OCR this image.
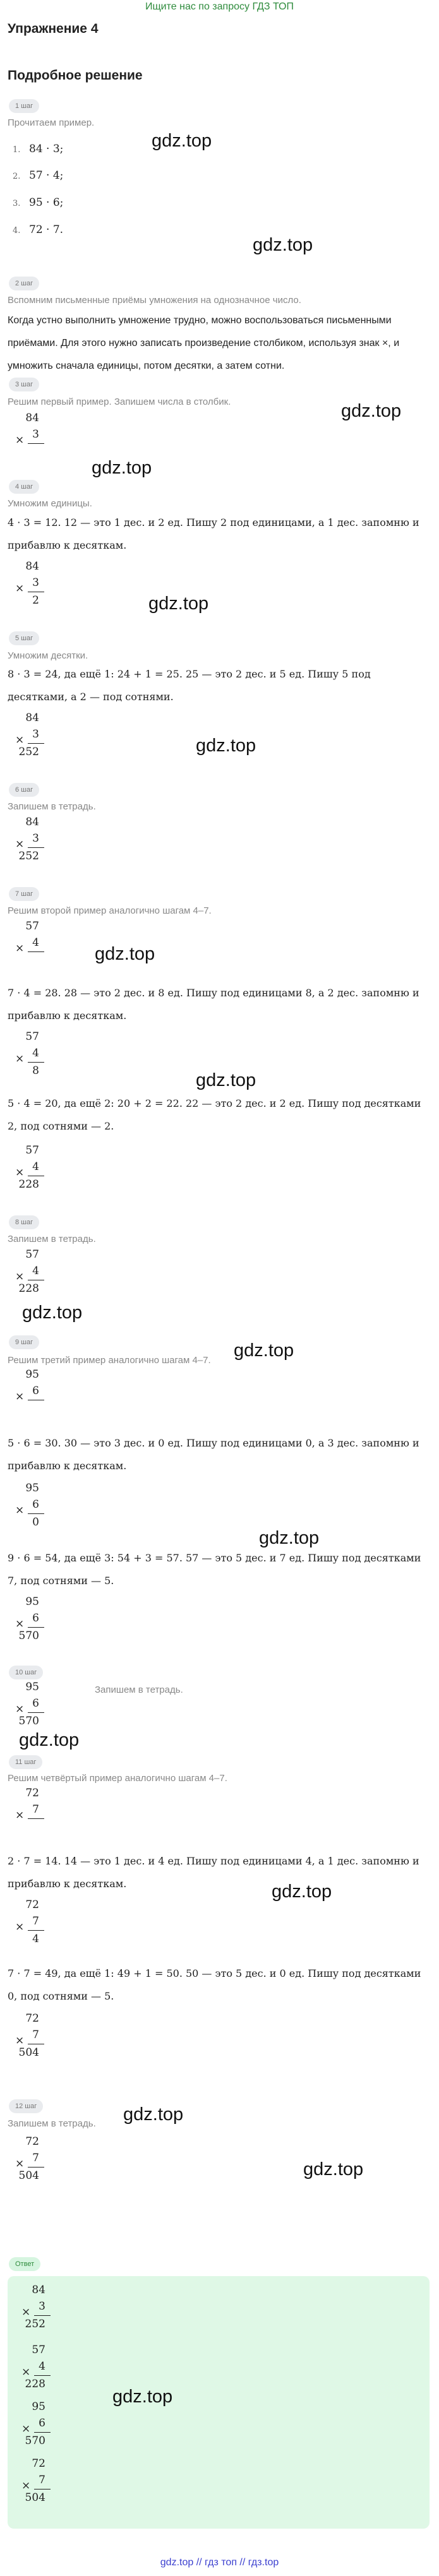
Ищите нас по запросу ГДЗ ТОП
Упражнение 4
Подробное решение
1 шаг
Прочитаем пример.
1. 84 · 3;
2. 57 · 4;
3. 95 · 6;
4. 72 · 7.
2 шаг
Вспомним письменные приёмы умножения на однозначное число.
Когда устно выполнить умножение трудно, можно воспользоваться письменными приёмами. Для этого нужно записать произведение столбиком, используя знак ×, и умножить сначала единицы, потом десятки, а затем сотни.
3 шаг
Решим первый пример. Запишем числа в столбик.
×
84
3
4 шаг
Умножим единицы.
4 · 3 = 12. 12 — это 1 дес. и 2 ед. Пишу 2 под единицами, а 1 дес. запомню и прибавлю к десяткам.
×
84
3
2
5 шаг
Умножим десятки.
8 · 3 = 24, да ещё 1: 24 + 1 = 25. 25 — это 2 дес. и 5 ед. Пишу 5 под десятками, а 2 — под сотнями.
×
84
3
252
6 шаг
Запишем в тетрадь.
×
84
3
252
7 шаг
Решим второй пример аналогично шагам 4–7.
×
57
4
7 · 4 = 28. 28 — это 2 дес. и 8 ед. Пишу под единицами 8, а 2 дес. запомню и прибавлю к десяткам.
×
57
4
8
5 · 4 = 20, да ещё 2: 20 + 2 = 22. 22 — это 2 дес. и 2 ед. Пишу под десятками 2, под сотнями — 2.
×
57
4
228
8 шаг
Запишем в тетрадь.
×
57
4
228
9 шаг
Решим третий пример аналогично шагам 4–7.
×
95
6
5 · 6 = 30. 30 — это 3 дес. и 0 ед. Пишу под единицами 0, а 3 дес. запомню и прибавлю к десяткам.
×
95
6
0
9 · 6 = 54, да ещё 3: 54 + 3 = 57. 57 — это 5 дес. и 7 ед. Пишу под десятками 7, под сотнями — 5.
×
95
6
570
10 шаг
×
95
6
570
Запишем в тетрадь.
11 шаг
Решим четвёртый пример аналогично шагам 4–7.
×
72
7
2 · 7 = 14. 14 — это 1 дес. и 4 ед. Пишу под единицами 4, а 1 дес. запомню и прибавлю к десяткам.
×
72
7
4
7 · 7 = 49, да ещё 1: 49 + 1 = 50. 50 — это 5 дес. и 0 ед. Пишу под десятками 0, под сотнями — 5.
×
72
7
504
12 шаг
Запишем в тетрадь.
×
72
7
504
Ответ
×
84
3
252
×
57
4
228
×
95
6
570
×
72
7
504
gdz.top
gdz.top
gdz.top
gdz.top
gdz.top
gdz.top
gdz.top
gdz.top
gdz.top
gdz.top
gdz.top
gdz.top
gdz.top
gdz.top
gdz.top
gdz.top
gdz.top // гдз топ // гдз.top
